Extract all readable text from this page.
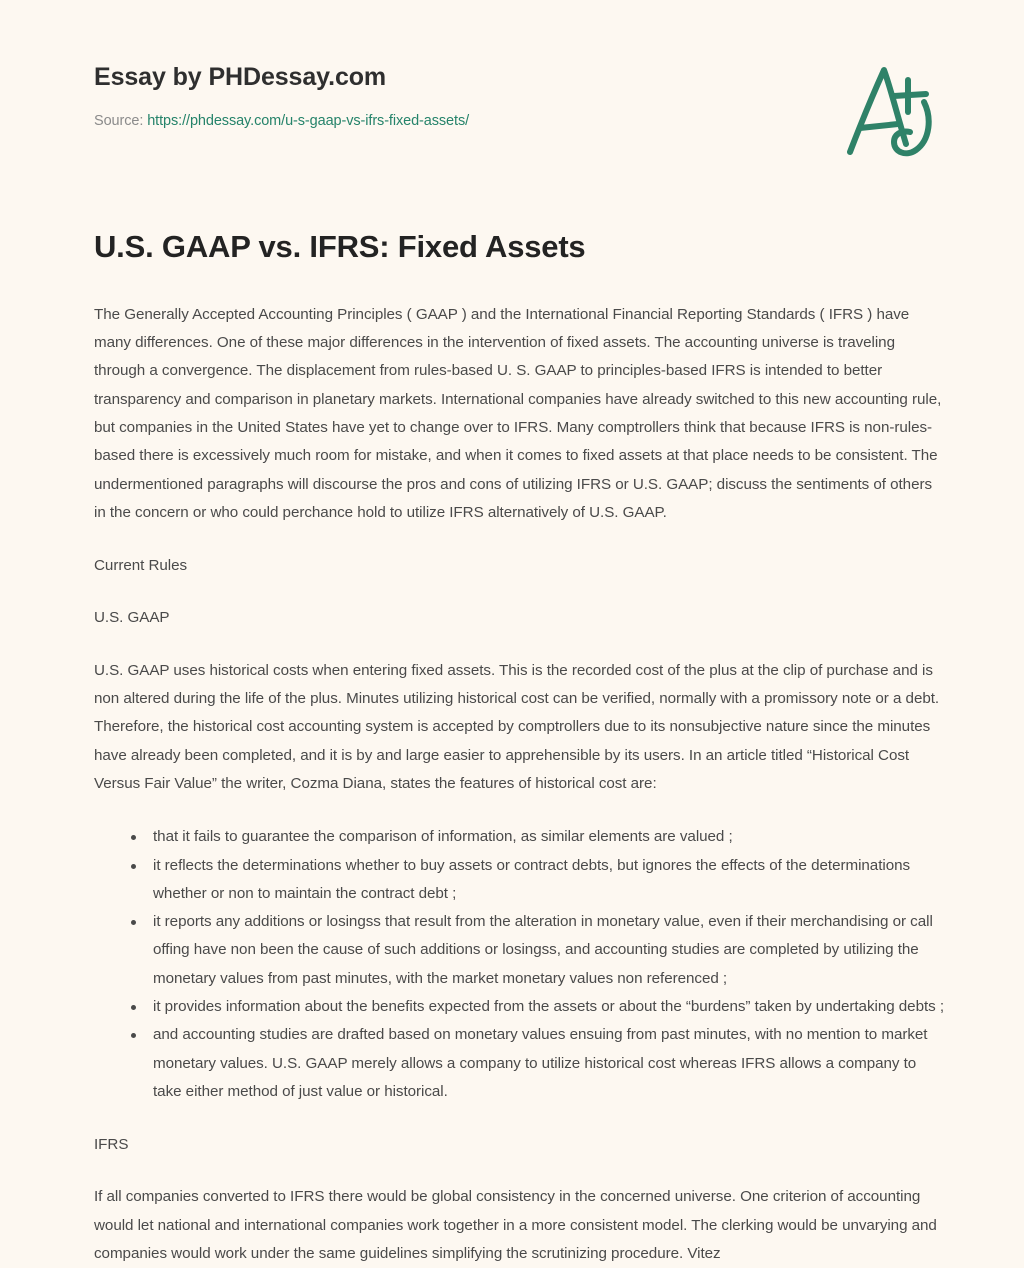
Essay by PHDessay.com
Source: https://phdessay.com/u-s-gaap-vs-ifrs-fixed-assets/
U.S. GAAP vs. IFRS: Fixed Assets

The Generally Accepted Accounting Principles ( GAAP ) and the International Financial Reporting Standards ( IFRS ) have many differences. One of these major differences in the intervention of fixed assets. The accounting universe is traveling through a convergence. The displacement from rules-based U. S. GAAP to principles-based IFRS is intended to better transparency and comparison in planetary markets. International companies have already switched to this new accounting rule, but companies in the United States have yet to change over to IFRS. Many comptrollers think that because IFRS is non-rules-based there is excessively much room for mistake, and when it comes to fixed assets at that place needs to be consistent. The undermentioned paragraphs will discourse the pros and cons of utilizing IFRS or U.S. GAAP; discuss the sentiments of others in the concern or who could perchance hold to utilize IFRS alternatively of U.S. GAAP.

Current Rules

U.S. GAAP

U.S. GAAP uses historical costs when entering fixed assets. This is the recorded cost of the plus at the clip of purchase and is non altered during the life of the plus. Minutes utilizing historical cost can be verified, normally with a promissory note or a debt. Therefore, the historical cost accounting system is accepted by comptrollers due to its nonsubjective nature since the minutes have already been completed, and it is by and large easier to apprehensible by its users. In an article titled “Historical Cost Versus Fair Value” the writer, Cozma Diana, states the features of historical cost are:

that it fails to guarantee the comparison of information, as similar elements are valued ;
it reflects the determinations whether to buy assets or contract debts, but ignores the effects of the determinations whether or non to maintain the contract debt ;
it reports any additions or losingss that result from the alteration in monetary value, even if their merchandising or call offing have non been the cause of such additions or losingss, and accounting studies are completed by utilizing the monetary values from past minutes, with the market monetary values non referenced ;
it provides information about the benefits expected from the assets or about the “burdens” taken by undertaking debts ;
and accounting studies are drafted based on monetary values ensuing from past minutes, with no mention to market monetary values. U.S. GAAP merely allows a company to utilize historical cost whereas IFRS allows a company to take either method of just value or historical.

IFRS

If all companies converted to IFRS there would be global consistency in the concerned universe. One criterion of accounting would let national and international companies work together in a more consistent model. The clerking would be unvarying and companies would work under the same guidelines simplifying the scrutinizing procedure. Vitez
